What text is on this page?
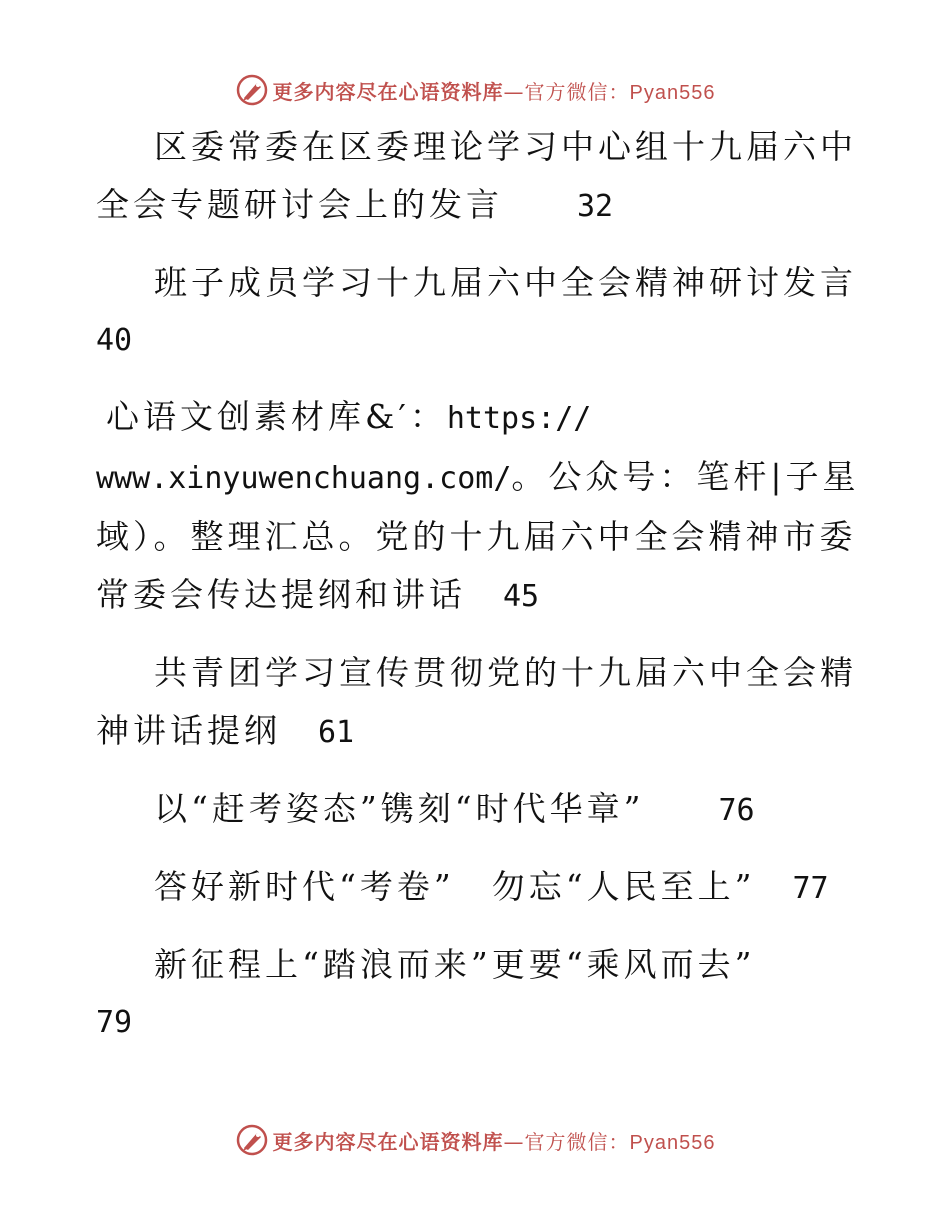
更多内容尽在心语资料库—官方微信：Pyan556

区委常委在区委理论学习中心组十九届六中全会专题研讨会上的发言　　 32

班子成员学习十九届六中全会精神研讨发言
40

心语文创素材库&′：https://
www.xinyuwenchuang.com/。公众号：笔杆|子星域）。整理汇总。党的十九届六中全会精神市委常委会传达提纲和讲话　 45

共青团学习宣传贯彻党的十九届六中全会精神讲话提纲　 61

以“赶考姿态”镌刻“时代华章”　　 76

答好新时代“考卷”　勿忘“人民至上”　 77

新征程上“踏浪而来”更要“乘风而去”
79

更多内容尽在心语资料库—官方微信：Pyan556
